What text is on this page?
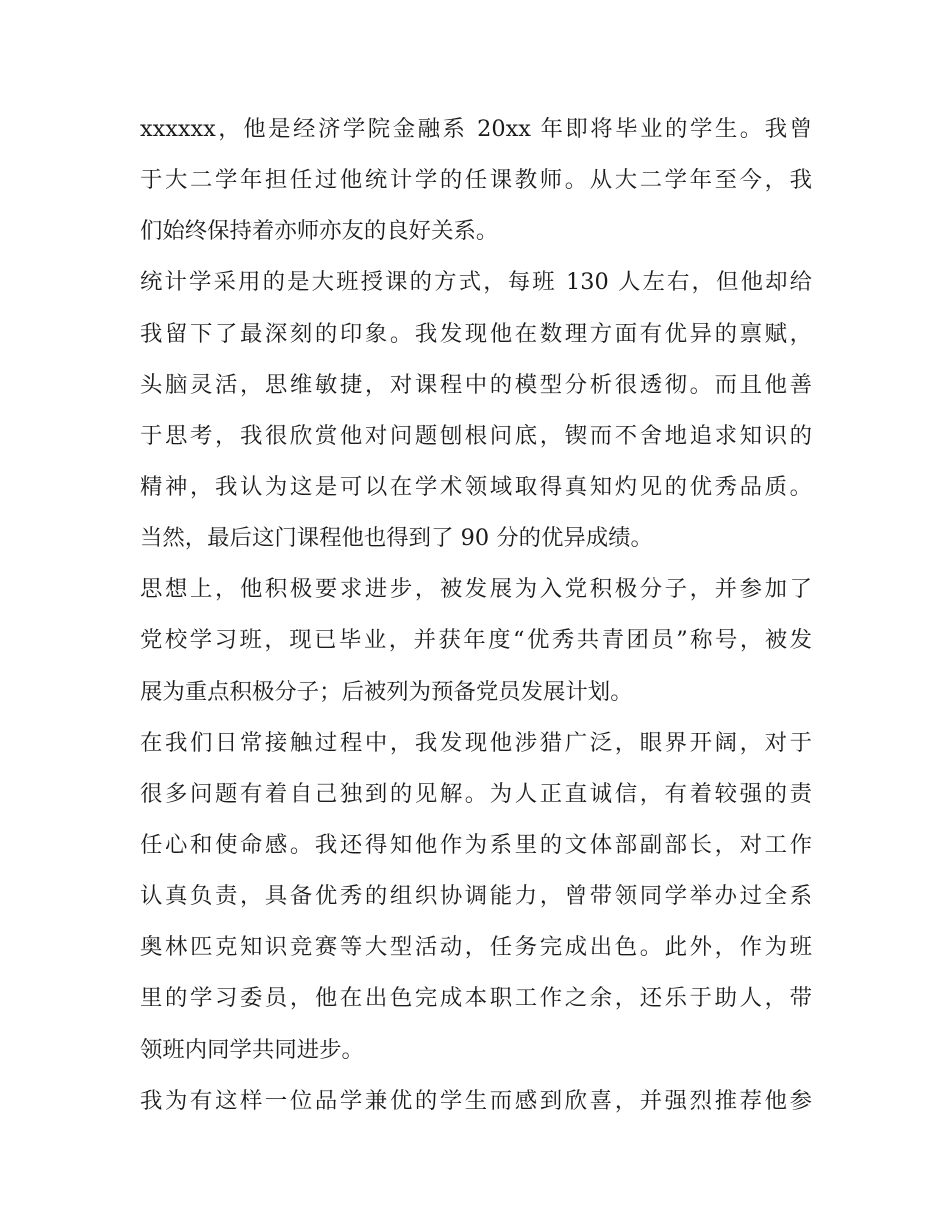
xxxxxx，他是经济学院金融系 20xx 年即将毕业的学生。我曾
于大二学年担任过他统计学的任课教师。从大二学年至今，我
们始终保持着亦师亦友的良好关系。
统计学采用的是大班授课的方式，每班 130 人左右，但他却给
我留下了最深刻的印象。我发现他在数理方面有优异的禀赋，
头脑灵活，思维敏捷，对课程中的模型分析很透彻。而且他善
于思考，我很欣赏他对问题刨根问底，锲而不舍地追求知识的
精神，我认为这是可以在学术领域取得真知灼见的优秀品质。
当然，最后这门课程他也得到了 90 分的优异成绩。
思想上，他积极要求进步，被发展为入党积极分子，并参加了
党校学习班，现已毕业，并获年度“优秀共青团员”称号，被发
展为重点积极分子；后被列为预备党员发展计划。
在我们日常接触过程中，我发现他涉猎广泛，眼界开阔，对于
很多问题有着自己独到的见解。为人正直诚信，有着较强的责
任心和使命感。我还得知他作为系里的文体部副部长，对工作
认真负责，具备优秀的组织协调能力，曾带领同学举办过全系
奥林匹克知识竞赛等大型活动，任务完成出色。此外，作为班
里的学习委员，他在出色完成本职工作之余，还乐于助人，带
领班内同学共同进步。
我为有这样一位品学兼优的学生而感到欣喜，并强烈推荐他参
